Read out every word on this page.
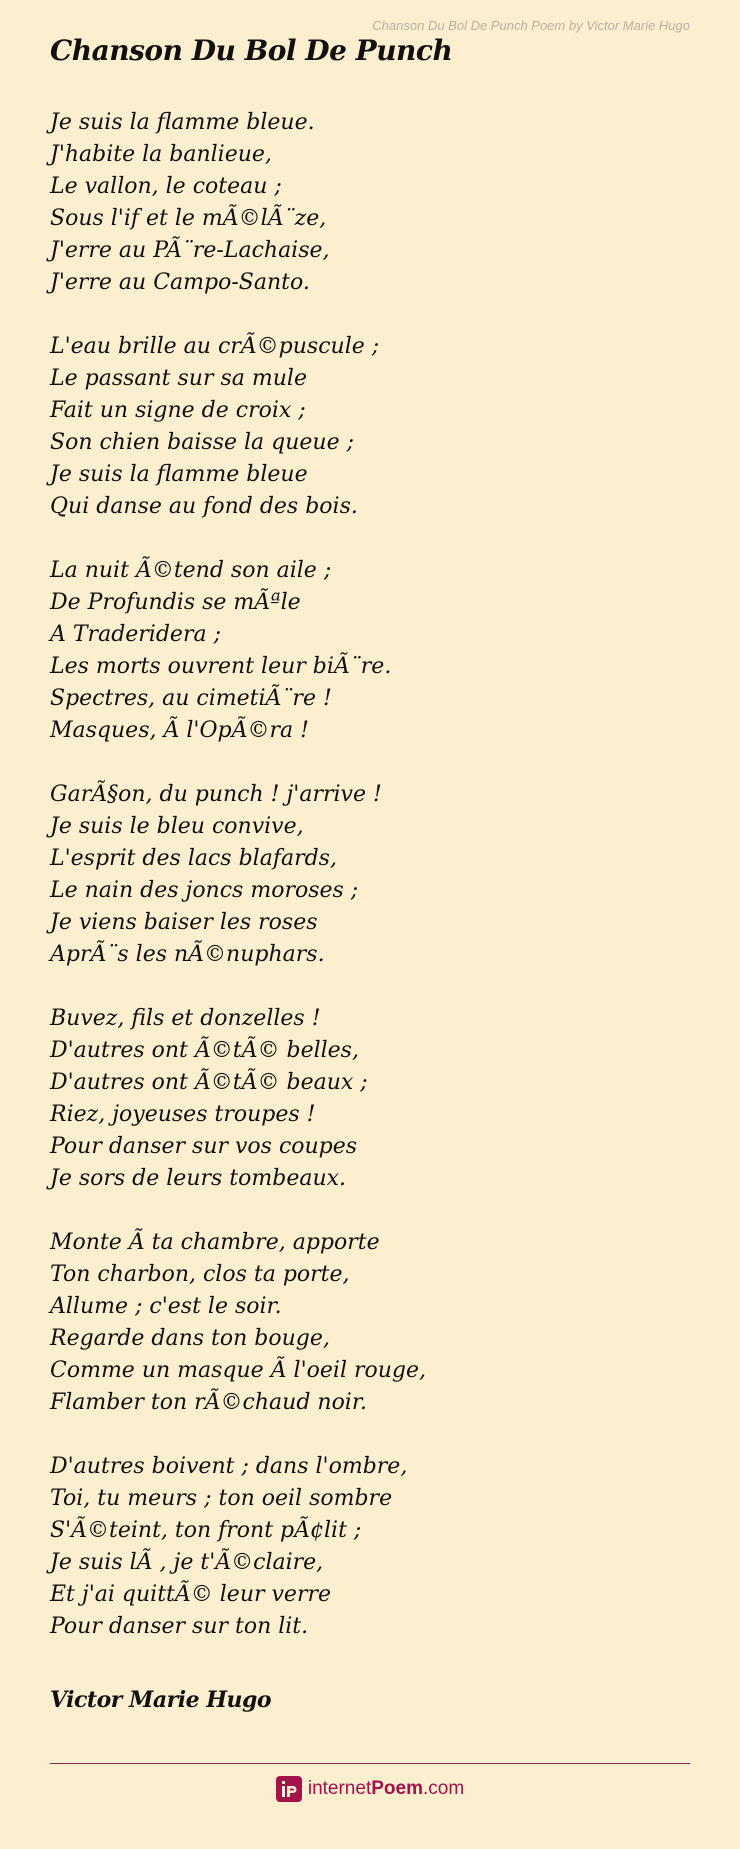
Chanson Du Bol De Punch Poem by Victor Marie Hugo
Chanson Du Bol De Punch
Je suis la flamme bleue.
J'habite la banlieue,
Le vallon, le coteau ;
Sous l'if et le mÃ©lÃ¨ze,
J'erre au PÃ¨re-Lachaise,
J'erre au Campo-Santo.
L'eau brille au crÃ©puscule ;
Le passant sur sa mule
Fait un signe de croix ;
Son chien baisse la queue ;
Je suis la flamme bleue
Qui danse au fond des bois.
La nuit Ã©tend son aile ;
De Profundis se mÃªle
A Traderidera ;
Les morts ouvrent leur biÃ¨re.
Spectres, au cimetiÃ¨re !
Masques, Ã l'OpÃ©ra !
GarÃ§on, du punch ! j'arrive !
Je suis le bleu convive,
L'esprit des lacs blafards,
Le nain des joncs moroses ;
Je viens baiser les roses
AprÃ¨s les nÃ©nuphars.
Buvez, fils et donzelles !
D'autres ont Ã©tÃ© belles,
D'autres ont Ã©tÃ© beaux ;
Riez, joyeuses troupes !
Pour danser sur vos coupes
Je sors de leurs tombeaux.
Monte Ã ta chambre, apporte
Ton charbon, clos ta porte,
Allume ; c'est le soir.
Regarde dans ton bouge,
Comme un masque Ã l'oeil rouge,
Flamber ton rÃ©chaud noir.
D'autres boivent ; dans l'ombre,
Toi, tu meurs ; ton oeil sombre
S'Ã©teint, ton front pÃ¢lit ;
Je suis lÃ , je t'Ã©claire,
Et j'ai quittÃ© leur verre
Pour danser sur ton lit.
Victor Marie Hugo
internetPoem.com
